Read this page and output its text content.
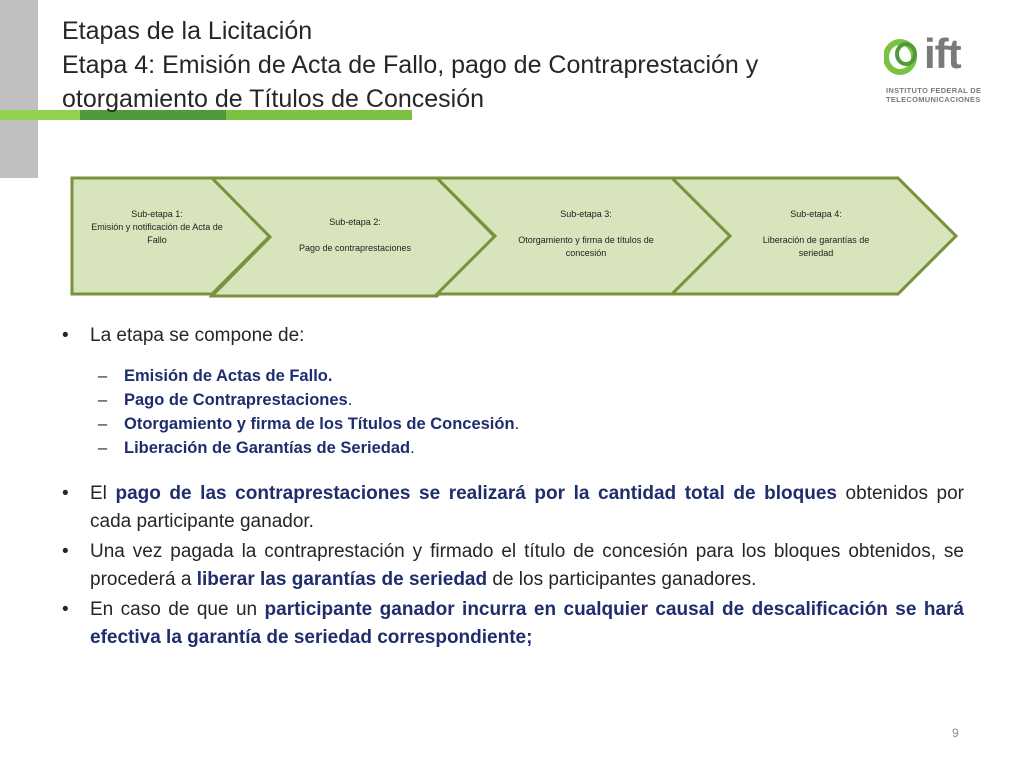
Etapas de la Licitación
Etapa 4: Emisión de Acta de Fallo, pago de Contraprestación y
otorgamiento de Títulos de Concesión
ift
INSTITUTO FEDERAL DE
TELECOMUNICACIONES
Sub-etapa 1:
Emisión y notificación de Acta de Fallo
Sub-etapa 2:
Pago de contraprestaciones
Sub-etapa 3:
Otorgamiento y firma de títulos de concesión
Sub-etapa 4:
Liberación de garantías de seriedad
•	La etapa se compone de:
– Emisión de Actas de Fallo.
– Pago de Contraprestaciones.
– Otorgamiento y firma de los Títulos de Concesión.
– Liberación de Garantías de Seriedad.
•	El pago de las contraprestaciones se realizará por la cantidad total de bloques obtenidos por cada participante ganador.
•	Una vez pagada la contraprestación y firmado el título de concesión para los bloques obtenidos, se procederá a liberar las garantías de seriedad de los participantes ganadores.
•	En caso de que un participante ganador incurra en cualquier causal de descalificación se hará efectiva la garantía de seriedad correspondiente;
9
